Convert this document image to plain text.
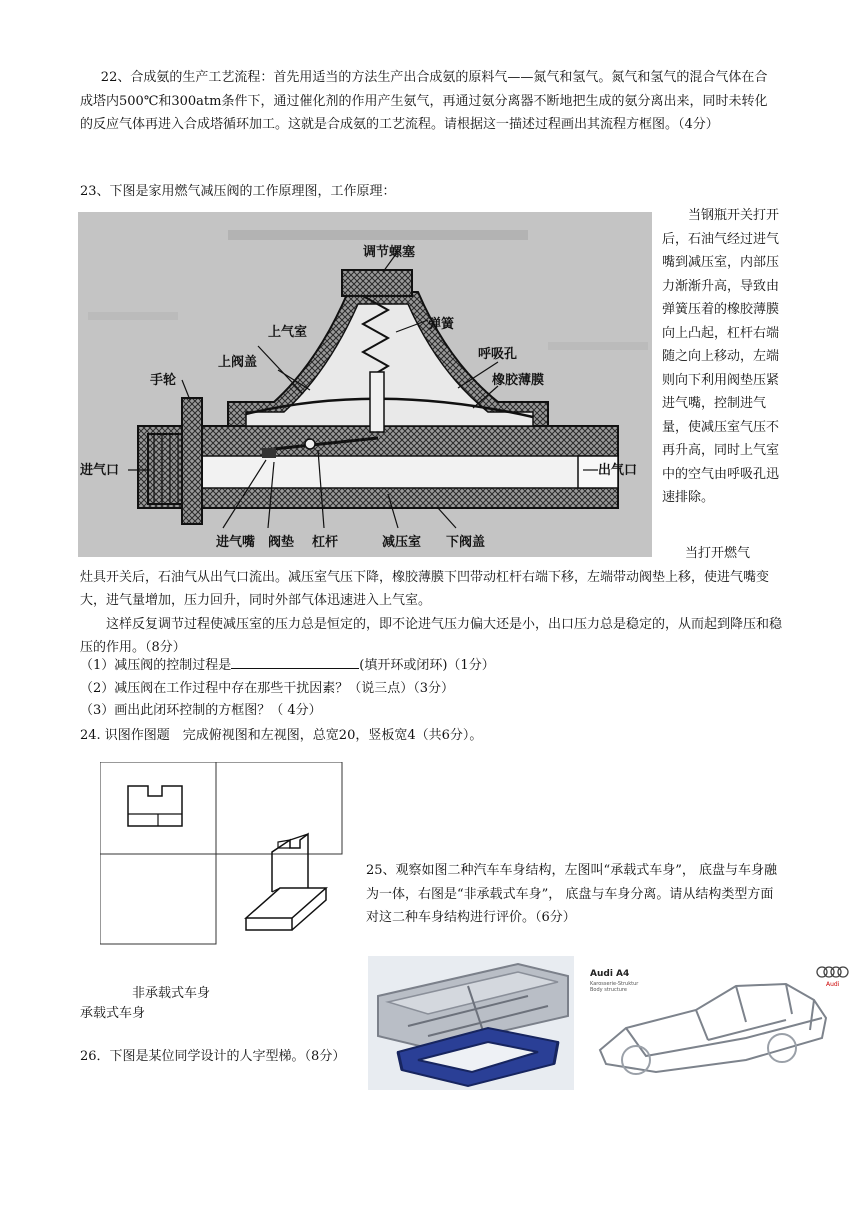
22、合成氨的生产工艺流程：首先用适当的方法生产出合成氨的原料气——氮气和氢气。氮气和氢气的混合气体在合成塔内500℃和300atm条件下，通过催化剂的作用产生氨气，再通过氨分离器不断地把生成的氨分离出来，同时未转化的反应气体再进入合成塔循环加工。这就是合成氨的工艺流程。请根据这一描述过程画出其流程方框图。（4分）
23、下图是家用燃气减压阀的工作原理图，工作原理：
调节螺塞
上气室
弹簧
呼吸孔
上阀盖
橡胶薄膜
手轮
进气口	出气口
进气嘴 阀垫 杠杆	减压室 下阀盖
当钢瓶开关打开后，石油气经过进气嘴到减压室，内部压力渐渐升高，导致由弹簧压着的橡胶薄膜向上凸起，杠杆右端随之向上移动，左端则向下利用阀垫压紧进气嘴，控制进气量，使减压室气压不再升高，同时上气室中的空气由呼吸孔迅速排除。

当打开燃气

灶具开关后，石油气从出气口流出。减压室气压下降，橡胶薄膜下凹带动杠杆右端下移，左端带动阀垫上移，使进气嘴变大，进气量增加，压力回升，同时外部气体迅速进入上气室。

这样反复调节过程使减压室的压力总是恒定的，即不论进气压力偏大还是小，出口压力总是稳定的，从而起到降压和稳压的作用。（8分）

（1）减压阀的控制过程是	(填开环或闭环)（1分）

（2）减压阀在工作过程中存在那些干扰因素？（说三点）（3分）

（3）画出此闭环控制的方框图？（ 4分）

24. 识图作图题　完成俯视图和左视图，总宽20，竖板宽4（共6分）。
25、观察如图二种汽车车身结构，左图叫“承载式车身”， 底盘与车身融为一体，右图是“非承载式车身”， 底盘与车身分离。请从结构类型方面对这二种车身结构进行评价。（6分）
非承载式车身
承载式车身
Audi A4
Karosserie-Struktur
Body structure
Audi
26．下图是某位同学设计的人字型梯。（8分）
